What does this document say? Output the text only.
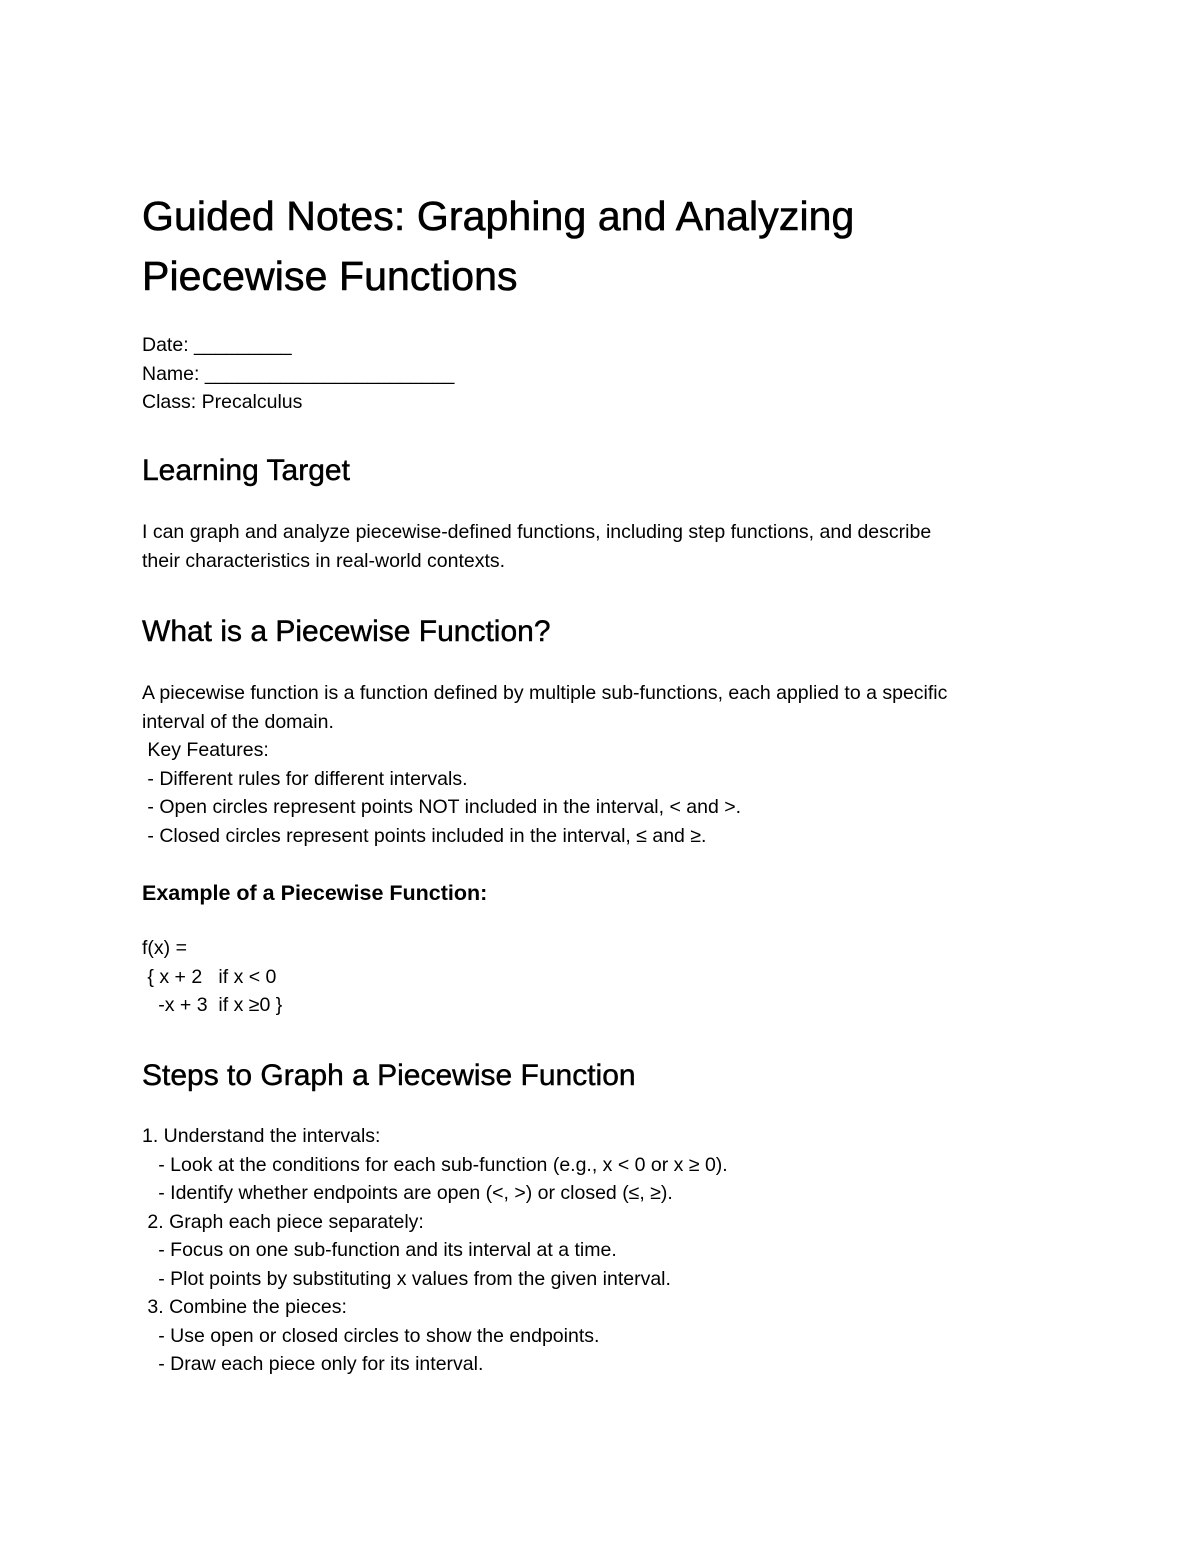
Guided Notes: Graphing and Analyzing
Piecewise Functions
Date: _________
Name: _______________________
Class: Precalculus
Learning Target
I can graph and analyze piecewise-defined functions, including step functions, and describe
their characteristics in real-world contexts.
What is a Piecewise Function?
A piecewise function is a function defined by multiple sub-functions, each applied to a specific
interval of the domain.
Key Features:
- Different rules for different intervals.
- Open circles represent points NOT included in the interval, < and >.
- Closed circles represent points included in the interval, ≤ and ≥.
Example of a Piecewise Function:
f(x) =
{ x + 2   if x < 0
-x + 3  if x ≥0 }
Steps to Graph a Piecewise Function
1. Understand the intervals:
- Look at the conditions for each sub-function (e.g., x < 0 or x ≥ 0).
- Identify whether endpoints are open (<, >) or closed (≤, ≥).
2. Graph each piece separately:
- Focus on one sub-function and its interval at a time.
- Plot points by substituting x values from the given interval.
3. Combine the pieces:
- Use open or closed circles to show the endpoints.
- Draw each piece only for its interval.
